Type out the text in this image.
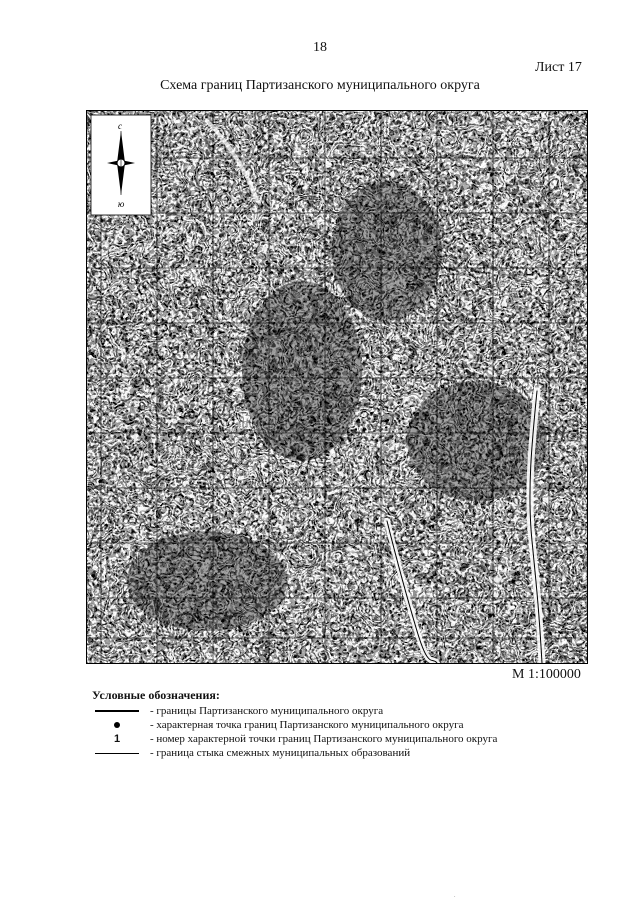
18
Лист 17
Схема границ Партизанского муниципального округа
с
ю
М 1:100000
Условные обозначения:
- границы Партизанского муниципального округа
- характерная точка границ Партизанского муниципального округа
1	- номер характерной точки границ Партизанского муниципального округа
- граница стыка смежных муниципальных образований
.
